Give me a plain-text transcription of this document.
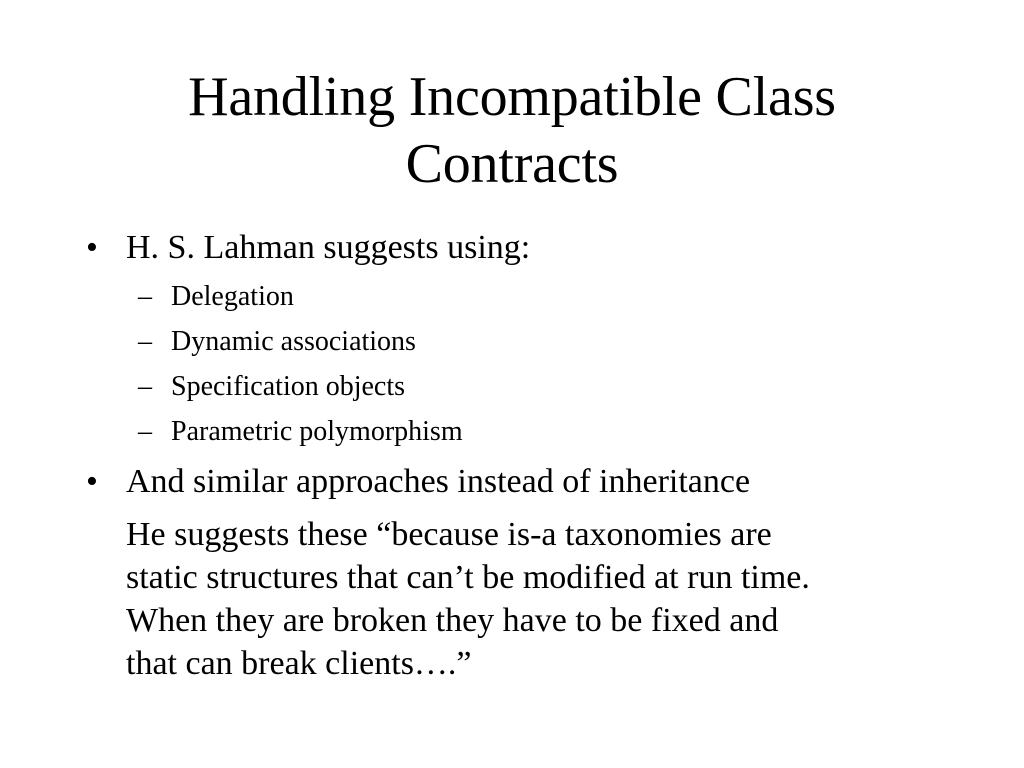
Handling Incompatible Class
Contracts
• H. S. Lahman suggests using:
– Delegation
– Dynamic associations
– Specification objects
– Parametric polymorphism
• And similar approaches instead of inheritance
He suggests these “because is-a taxonomies are
static structures that can’t be modified at run time.
When they are broken they have to be fixed and
that can break clients….”
